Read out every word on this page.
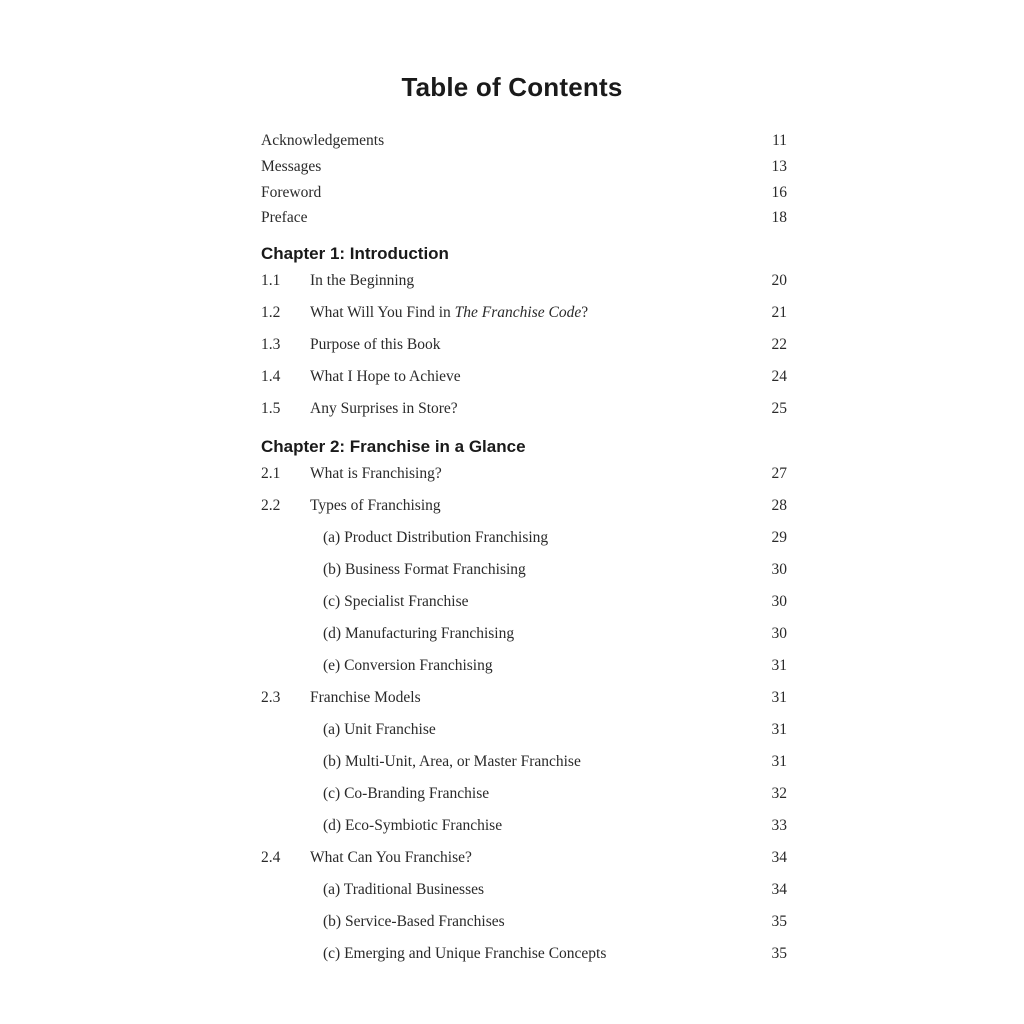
Table of Contents
Acknowledgements	11
Messages	13
Foreword	16
Preface	18
Chapter 1: Introduction
1.1 In the Beginning	20
1.2 What Will You Find in The Franchise Code?	21
1.3 Purpose of this Book	22
1.4 What I Hope to Achieve	24
1.5 Any Surprises in Store?	25
Chapter 2: Franchise in a Glance
2.1 What is Franchising?	27
2.2 Types of Franchising	28
(a) Product Distribution Franchising	29
(b) Business Format Franchising	30
(c) Specialist Franchise	30
(d) Manufacturing Franchising	30
(e) Conversion Franchising	31
2.3 Franchise Models	31
(a) Unit Franchise	31
(b) Multi-Unit, Area, or Master Franchise	31
(c) Co-Branding Franchise	32
(d) Eco-Symbiotic Franchise	33
2.4 What Can You Franchise?	34
(a) Traditional Businesses	34
(b) Service-Based Franchises	35
(c) Emerging and Unique Franchise Concepts	35
